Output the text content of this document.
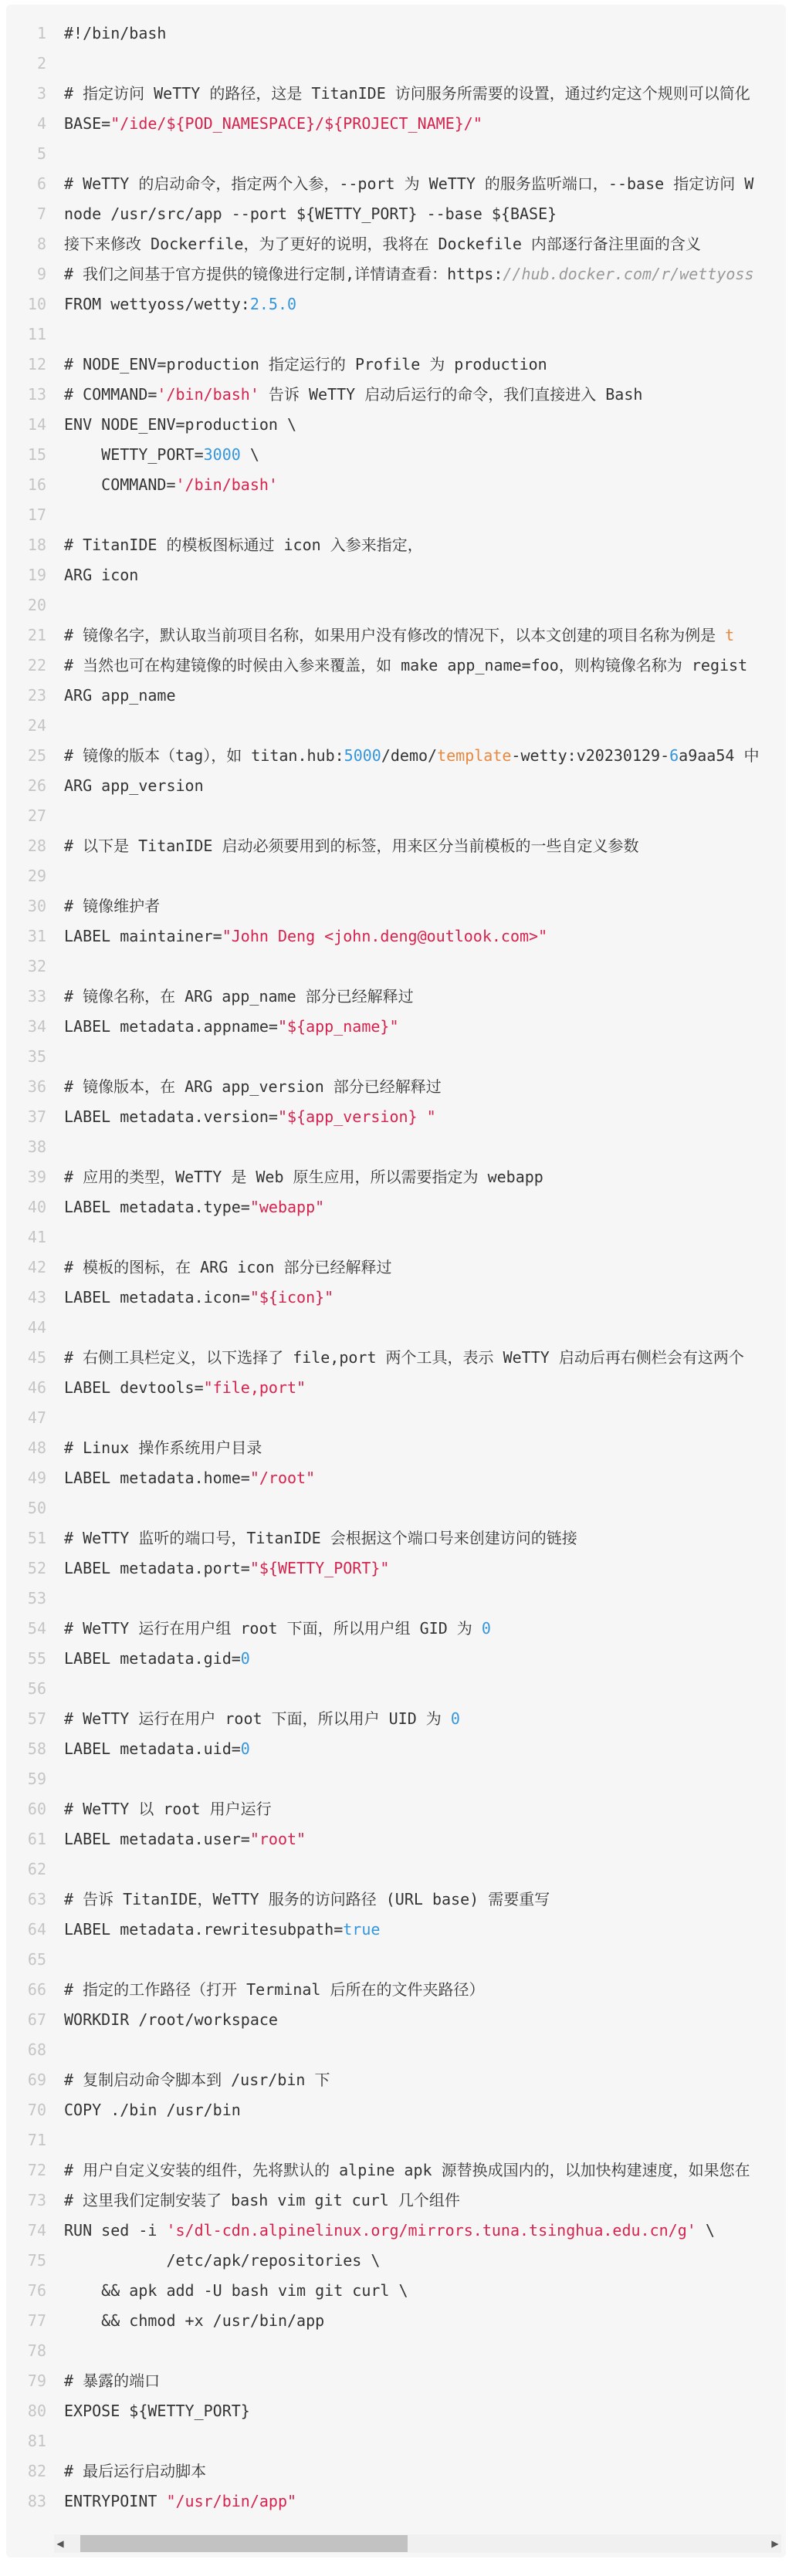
1 #!/bin/bash
2
3 # 指定访问 WeTTY 的路径，这是 TitanIDE 访问服务所需要的设置，通过约定这个规则可以简化
4 BASE="/ide/${POD_NAMESPACE}/${PROJECT_NAME}/"
5
6 # WeTTY 的启动命令，指定两个入参，--port 为 WeTTY 的服务监听端口，--base 指定访问 W
7 node /usr/src/app --port ${WETTY_PORT} --base ${BASE}
8 接下来修改 Dockerfile，为了更好的说明，我将在 Dockefile 内部逐行备注里面的含义
9 # 我们之间基于官方提供的镜像进行定制,详情请查看：https://hub.docker.com/r/wettyoss
10 FROM wettyoss/wetty:2.5.0
11
12 # NODE_ENV=production 指定运行的 Profile 为 production
13 # COMMAND='/bin/bash' 告诉 WeTTY 启动后运行的命令，我们直接进入 Bash
14 ENV NODE_ENV=production \
15    WETTY_PORT=3000 \
16    COMMAND='/bin/bash'
17
18 # TitanIDE 的模板图标通过 icon 入参来指定，
19 ARG icon
20
21 # 镜像名字，默认取当前项目名称，如果用户没有修改的情况下，以本文创建的项目名称为例是 t
22 # 当然也可在构建镜像的时候由入参来覆盖，如 make app_name=foo，则构镜像名称为 regist
23 ARG app_name
24
25 # 镜像的版本（tag），如 titan.hub:5000/demo/template-wetty:v20230129-6a9aa54 中
26 ARG app_version
27
28 # 以下是 TitanIDE 启动必须要用到的标签，用来区分当前模板的一些自定义参数
29
30 # 镜像维护者
31 LABEL maintainer="John Deng <john.deng@outlook.com>"
32
33 # 镜像名称，在 ARG app_name 部分已经解释过
34 LABEL metadata.appname="${app_name}"
35
36 # 镜像版本，在 ARG app_version 部分已经解释过
37 LABEL metadata.version="${app_version} "
38
39 # 应用的类型，WeTTY 是 Web 原生应用，所以需要指定为 webapp
40 LABEL metadata.type="webapp"
41
42 # 模板的图标，在 ARG icon 部分已经解释过
43 LABEL metadata.icon="${icon}"
44
45 # 右侧工具栏定义，以下选择了 file,port 两个工具，表示 WeTTY 启动后再右侧栏会有这两个
46 LABEL devtools="file,port"
47
48 # Linux 操作系统用户目录
49 LABEL metadata.home="/root"
50
51 # WeTTY 监听的端口号，TitanIDE 会根据这个端口号来创建访问的链接
52 LABEL metadata.port="${WETTY_PORT}"
53
54 # WeTTY 运行在用户组 root 下面，所以用户组 GID 为 0
55 LABEL metadata.gid=0
56
57 # WeTTY 运行在用户 root 下面，所以用户 UID 为 0
58 LABEL metadata.uid=0
59
60 # WeTTY 以 root 用户运行
61 LABEL metadata.user="root"
62
63 # 告诉 TitanIDE，WeTTY 服务的访问路径 (URL base) 需要重写
64 LABEL metadata.rewritesubpath=true
65
66 # 指定的工作路径（打开 Terminal 后所在的文件夹路径）
67 WORKDIR /root/workspace
68
69 # 复制启动命令脚本到 /usr/bin 下
70 COPY ./bin /usr/bin
71
72 # 用户自定义安装的组件，先将默认的 alpine apk 源替换成国内的，以加快构建速度，如果您在
73 # 这里我们定制安装了 bash vim git curl 几个组件
74 RUN sed -i 's/dl-cdn.alpinelinux.org/mirrors.tuna.tsinghua.edu.cn/g' \
75           /etc/apk/repositories \
76    && apk add -U bash vim git curl \
77    && chmod +x /usr/bin/app
78
79 # 暴露的端口
80 EXPOSE ${WETTY_PORT}
81
82 # 最后运行启动脚本
83 ENTRYPOINT "/usr/bin/app"
◀	▶
